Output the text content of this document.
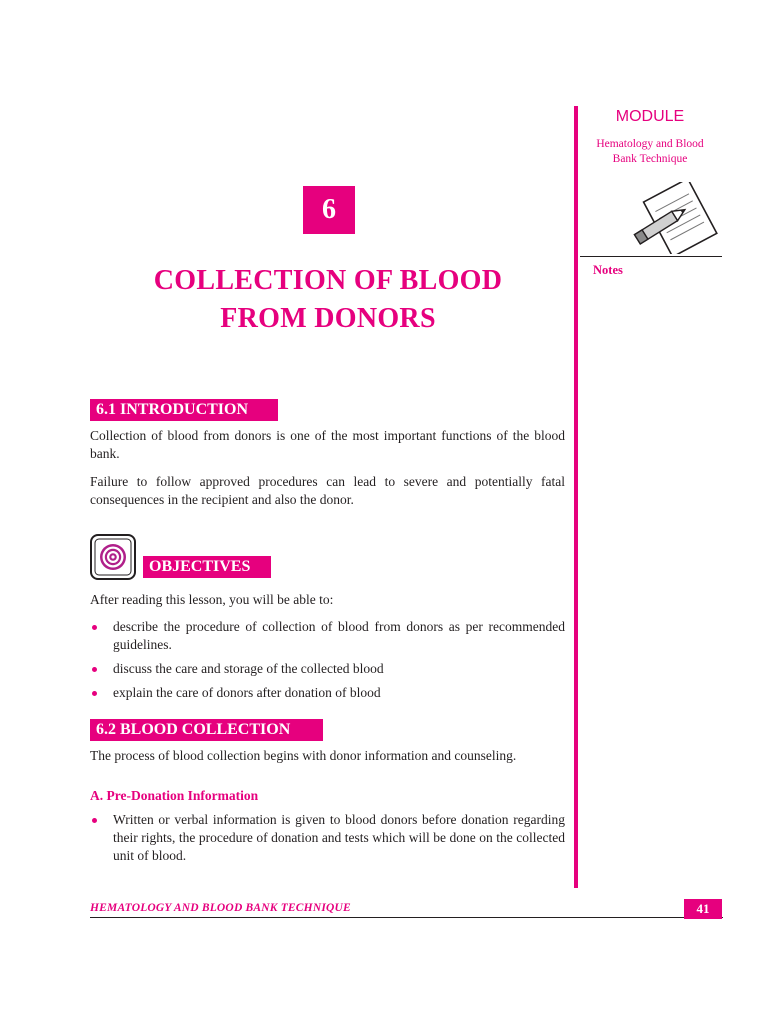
MODULE
Hematology and Blood
Bank Technique
Notes
6
COLLECTION OF BLOOD
FROM DONORS
6.1 INTRODUCTION

Collection of blood from donors is one of the most important functions of the blood bank.

Failure to follow approved procedures can lead to severe and potentially fatal consequences in the recipient and also the donor.

OBJECTIVES

After reading this lesson, you will be able to:

describe the procedure of collection of blood from donors as per recommended guidelines.
discuss the care and storage of the collected blood
explain the care of donors after donation of blood
6.2 BLOOD COLLECTION

The process of blood collection begins with donor information and counseling.

A. Pre-Donation Information
Written or verbal information is given to blood donors before donation regarding their rights, the procedure of donation and tests which will be done on the collected unit of blood.
HEMATOLOGY AND BLOOD BANK TECHNIQUE	41
